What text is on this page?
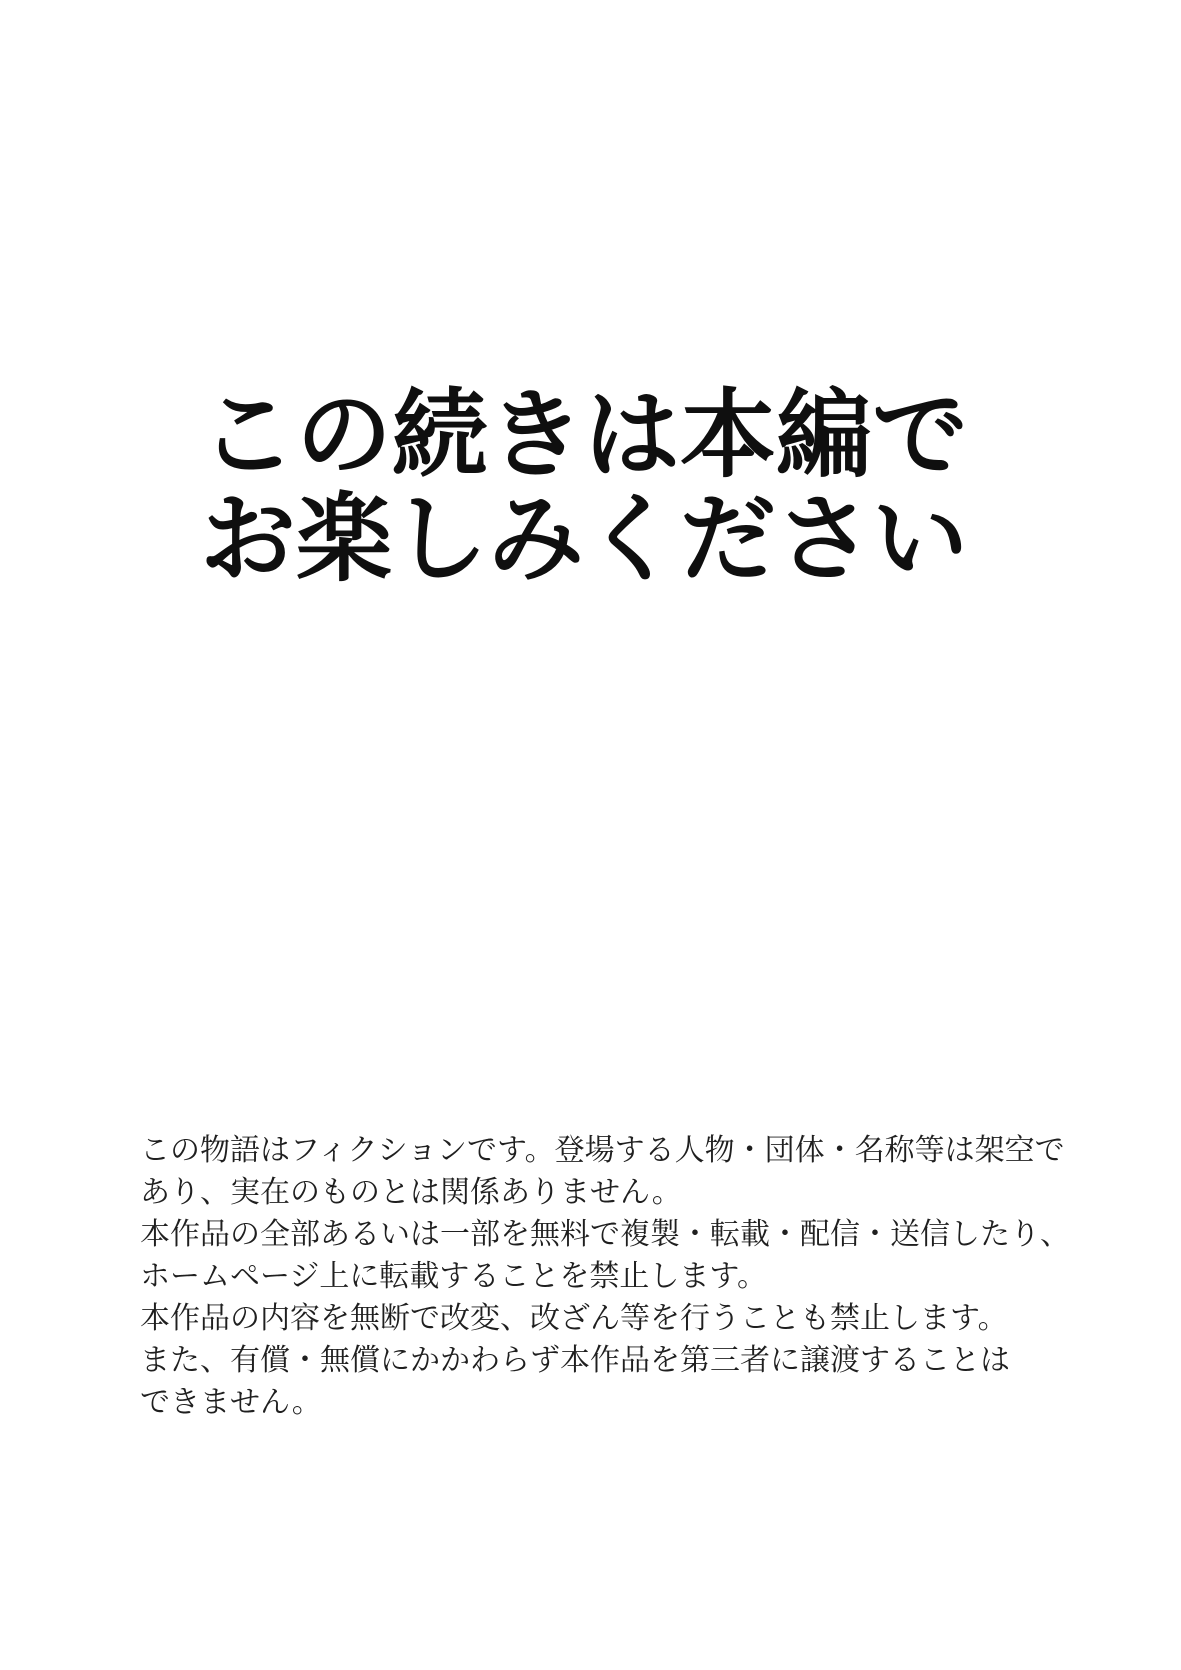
この続きは本編で
お楽しみください
この物語はフィクションです。登場する人物・団体・名称等は架空で
あり、実在のものとは関係ありません。
本作品の全部あるいは一部を無料で複製・転載・配信・送信したり、
ホームページ上に転載することを禁止します。
本作品の内容を無断で改変、改ざん等を行うことも禁止します。
また、有償・無償にかかわらず本作品を第三者に譲渡することは
できません。
